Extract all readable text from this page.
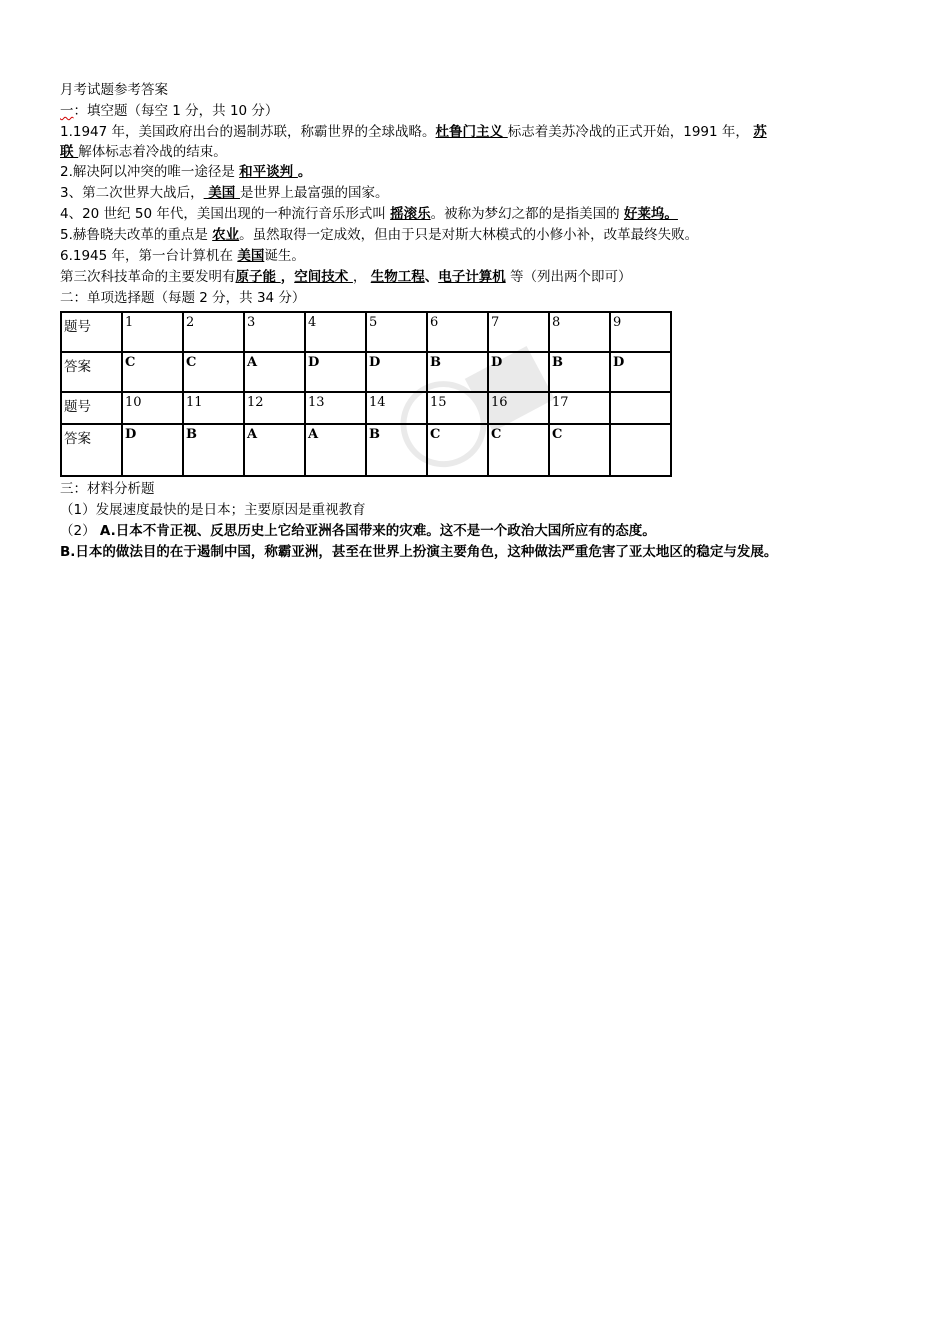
月考试题参考答案
一：填空题（每空 1 分，共 10 分）
1.1947 年，美国政府出台的遏制苏联，称霸世界的全球战略。杜鲁门主义 标志着美苏冷战的正式开始，1991 年， 苏
联 解体标志着冷战的结束。
2.解决阿以冲突的唯一途径是 和平谈判 。
3、第二次世界大战后， 美国 是世界上最富强的国家。
4、20 世纪 50 年代，美国出现的一种流行音乐形式叫 摇滚乐。被称为梦幻之都的是指美国的 好莱坞。
5.赫鲁晓夫改革的重点是 农业。虽然取得一定成效，但由于只是对斯大林模式的小修小补，改革最终失败。
6.1945 年，第一台计算机在 美国诞生。
第三次科技革命的主要发明有原子能 ，空间技术 ， 生物工程、电子计算机 等（列出两个即可）
二：单项选择题（每题 2 分，共 34 分）
题号	1	2	3	4	5	6	7	8	9
答案	C	C	A	D	D	B	D	B	D
题号	10	11	12	13	14	15	16	17	
答案	D	B	A	A	B	C	C	C	
三：材料分析题
（1）发展速度最快的是日本；主要原因是重视教育
（2） A.日本不肯正视、反思历史上它给亚洲各国带来的灾难。这不是一个政治大国所应有的态度。
B.日本的做法目的在于遏制中国，称霸亚洲，甚至在世界上扮演主要角色，这种做法严重危害了亚太地区的稳定与发展。
